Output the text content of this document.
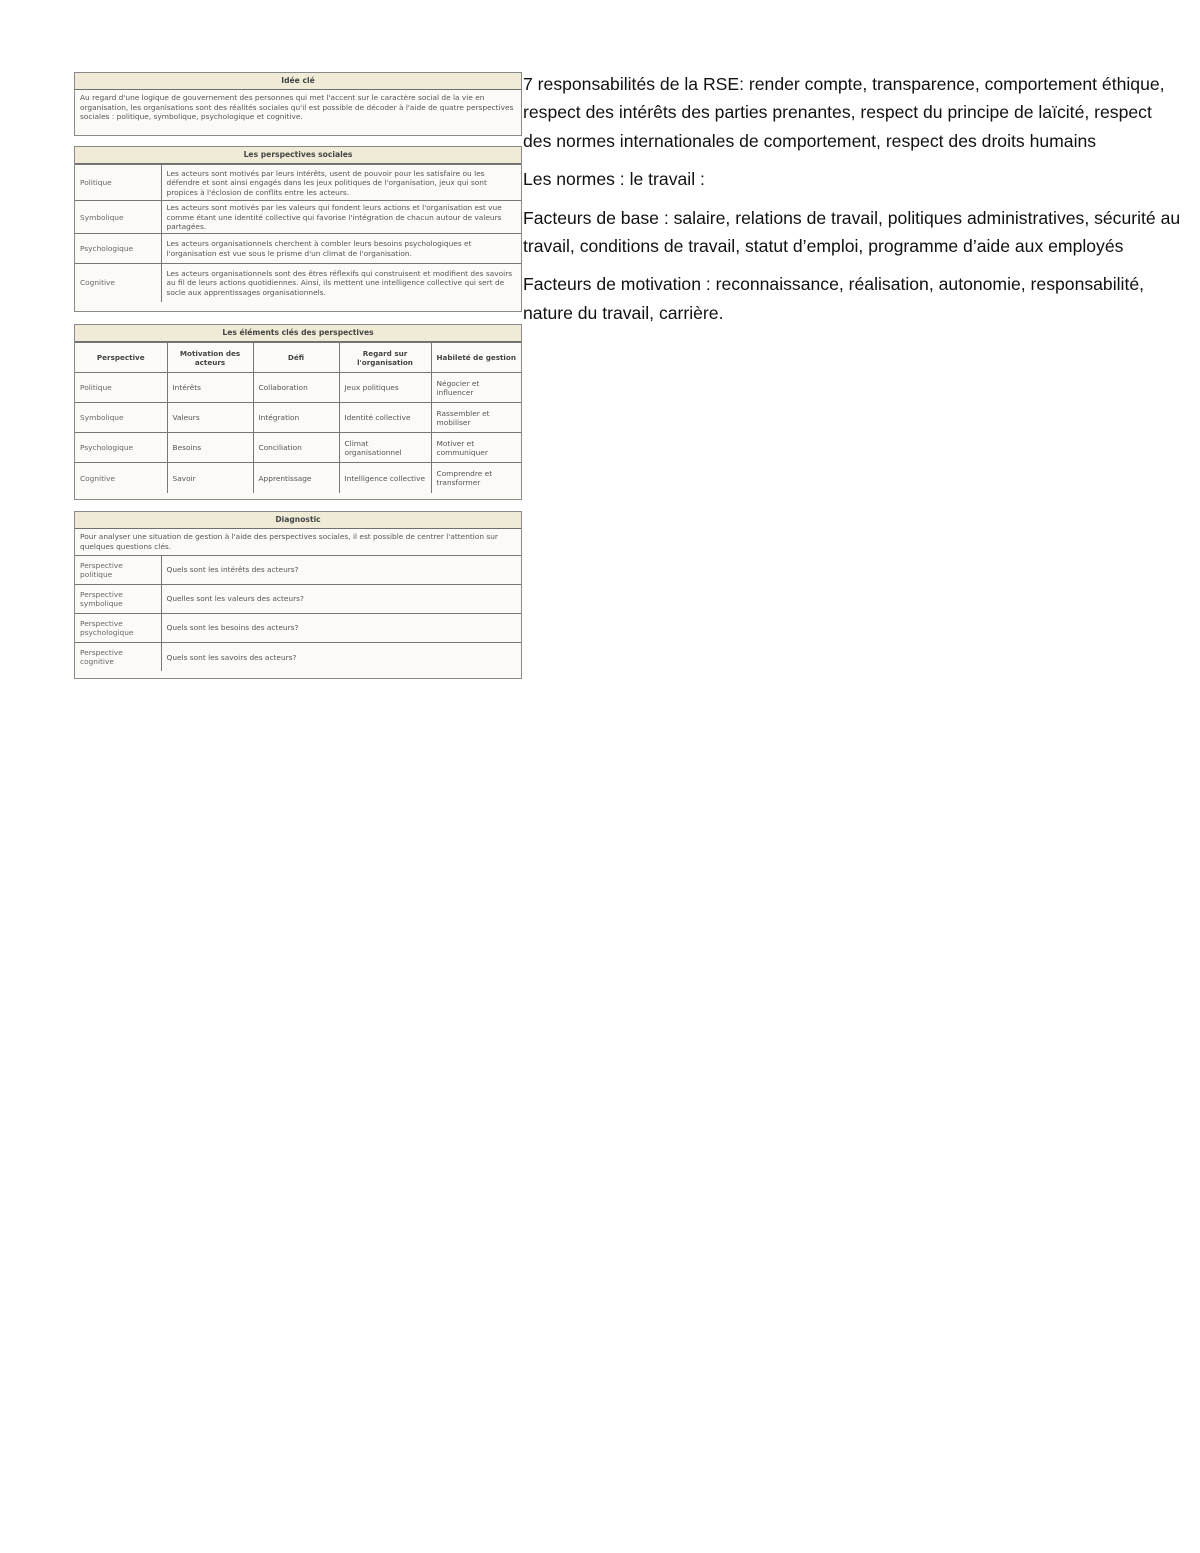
Idée clé
Au regard d'une logique de gouvernement des personnes qui met l'accent sur le caractère social de la vie en organisation, les organisations sont des réalités sociales qu'il est possible de décoder à l'aide de quatre perspectives sociales : politique, symbolique, psychologique et cognitive.
Les perspectives sociales
Politique	Les acteurs sont motivés par leurs intérêts, usent de pouvoir pour les satisfaire ou les défendre et sont ainsi engagés dans les jeux politiques de l'organisation, jeux qui sont propices à l'éclosion de conflits entre les acteurs.
Symbolique	Les acteurs sont motivés par les valeurs qui fondent leurs actions et l'organisation est vue comme étant une identité collective qui favorise l'intégration de chacun autour de valeurs partagées.
Psychologique	Les acteurs organisationnels cherchent à combler leurs besoins psychologiques et l'organisation est vue sous le prisme d'un climat de l'organisation.
Cognitive	Les acteurs organisationnels sont des êtres réflexifs qui construisent et modifient des savoirs au fil de leurs actions quotidiennes. Ainsi, ils mettent une intelligence collective qui sert de socle aux apprentissages organisationnels.
Les éléments clés des perspectives
Perspective	Motivation des acteurs	Défi	Regard sur l'organisation	Habileté de gestion
Politique	Intérêts	Collaboration	Jeux politiques	Négocier et influencer
Symbolique	Valeurs	Intégration	Identité collective	Rassembler et mobiliser
Psychologique	Besoins	Conciliation	Climat organisationnel	Motiver et communiquer
Cognitive	Savoir	Apprentissage	Intelligence collective	Comprendre et transformer
Diagnostic
Pour analyser une situation de gestion à l'aide des perspectives sociales, il est possible de centrer l'attention sur quelques questions clés.
Perspective politique	Quels sont les intérêts des acteurs?
Perspective symbolique	Quelles sont les valeurs des acteurs?
Perspective psychologique	Quels sont les besoins des acteurs?
Perspective cognitive	Quels sont les savoirs des acteurs?

7 responsabilités de la RSE: render compte, transparence, comportement éthique, respect des intérêts des parties prenantes, respect du principe de laïcité, respect des normes internationales de comportement, respect des droits humains

Les normes : le travail :

Facteurs de base : salaire, relations de travail, politiques administratives, sécurité au travail, conditions de travail, statut d’emploi, programme d’aide aux employés

Facteurs de motivation : reconnaissance, réalisation, autonomie, responsabilité, nature du travail, carrière.
